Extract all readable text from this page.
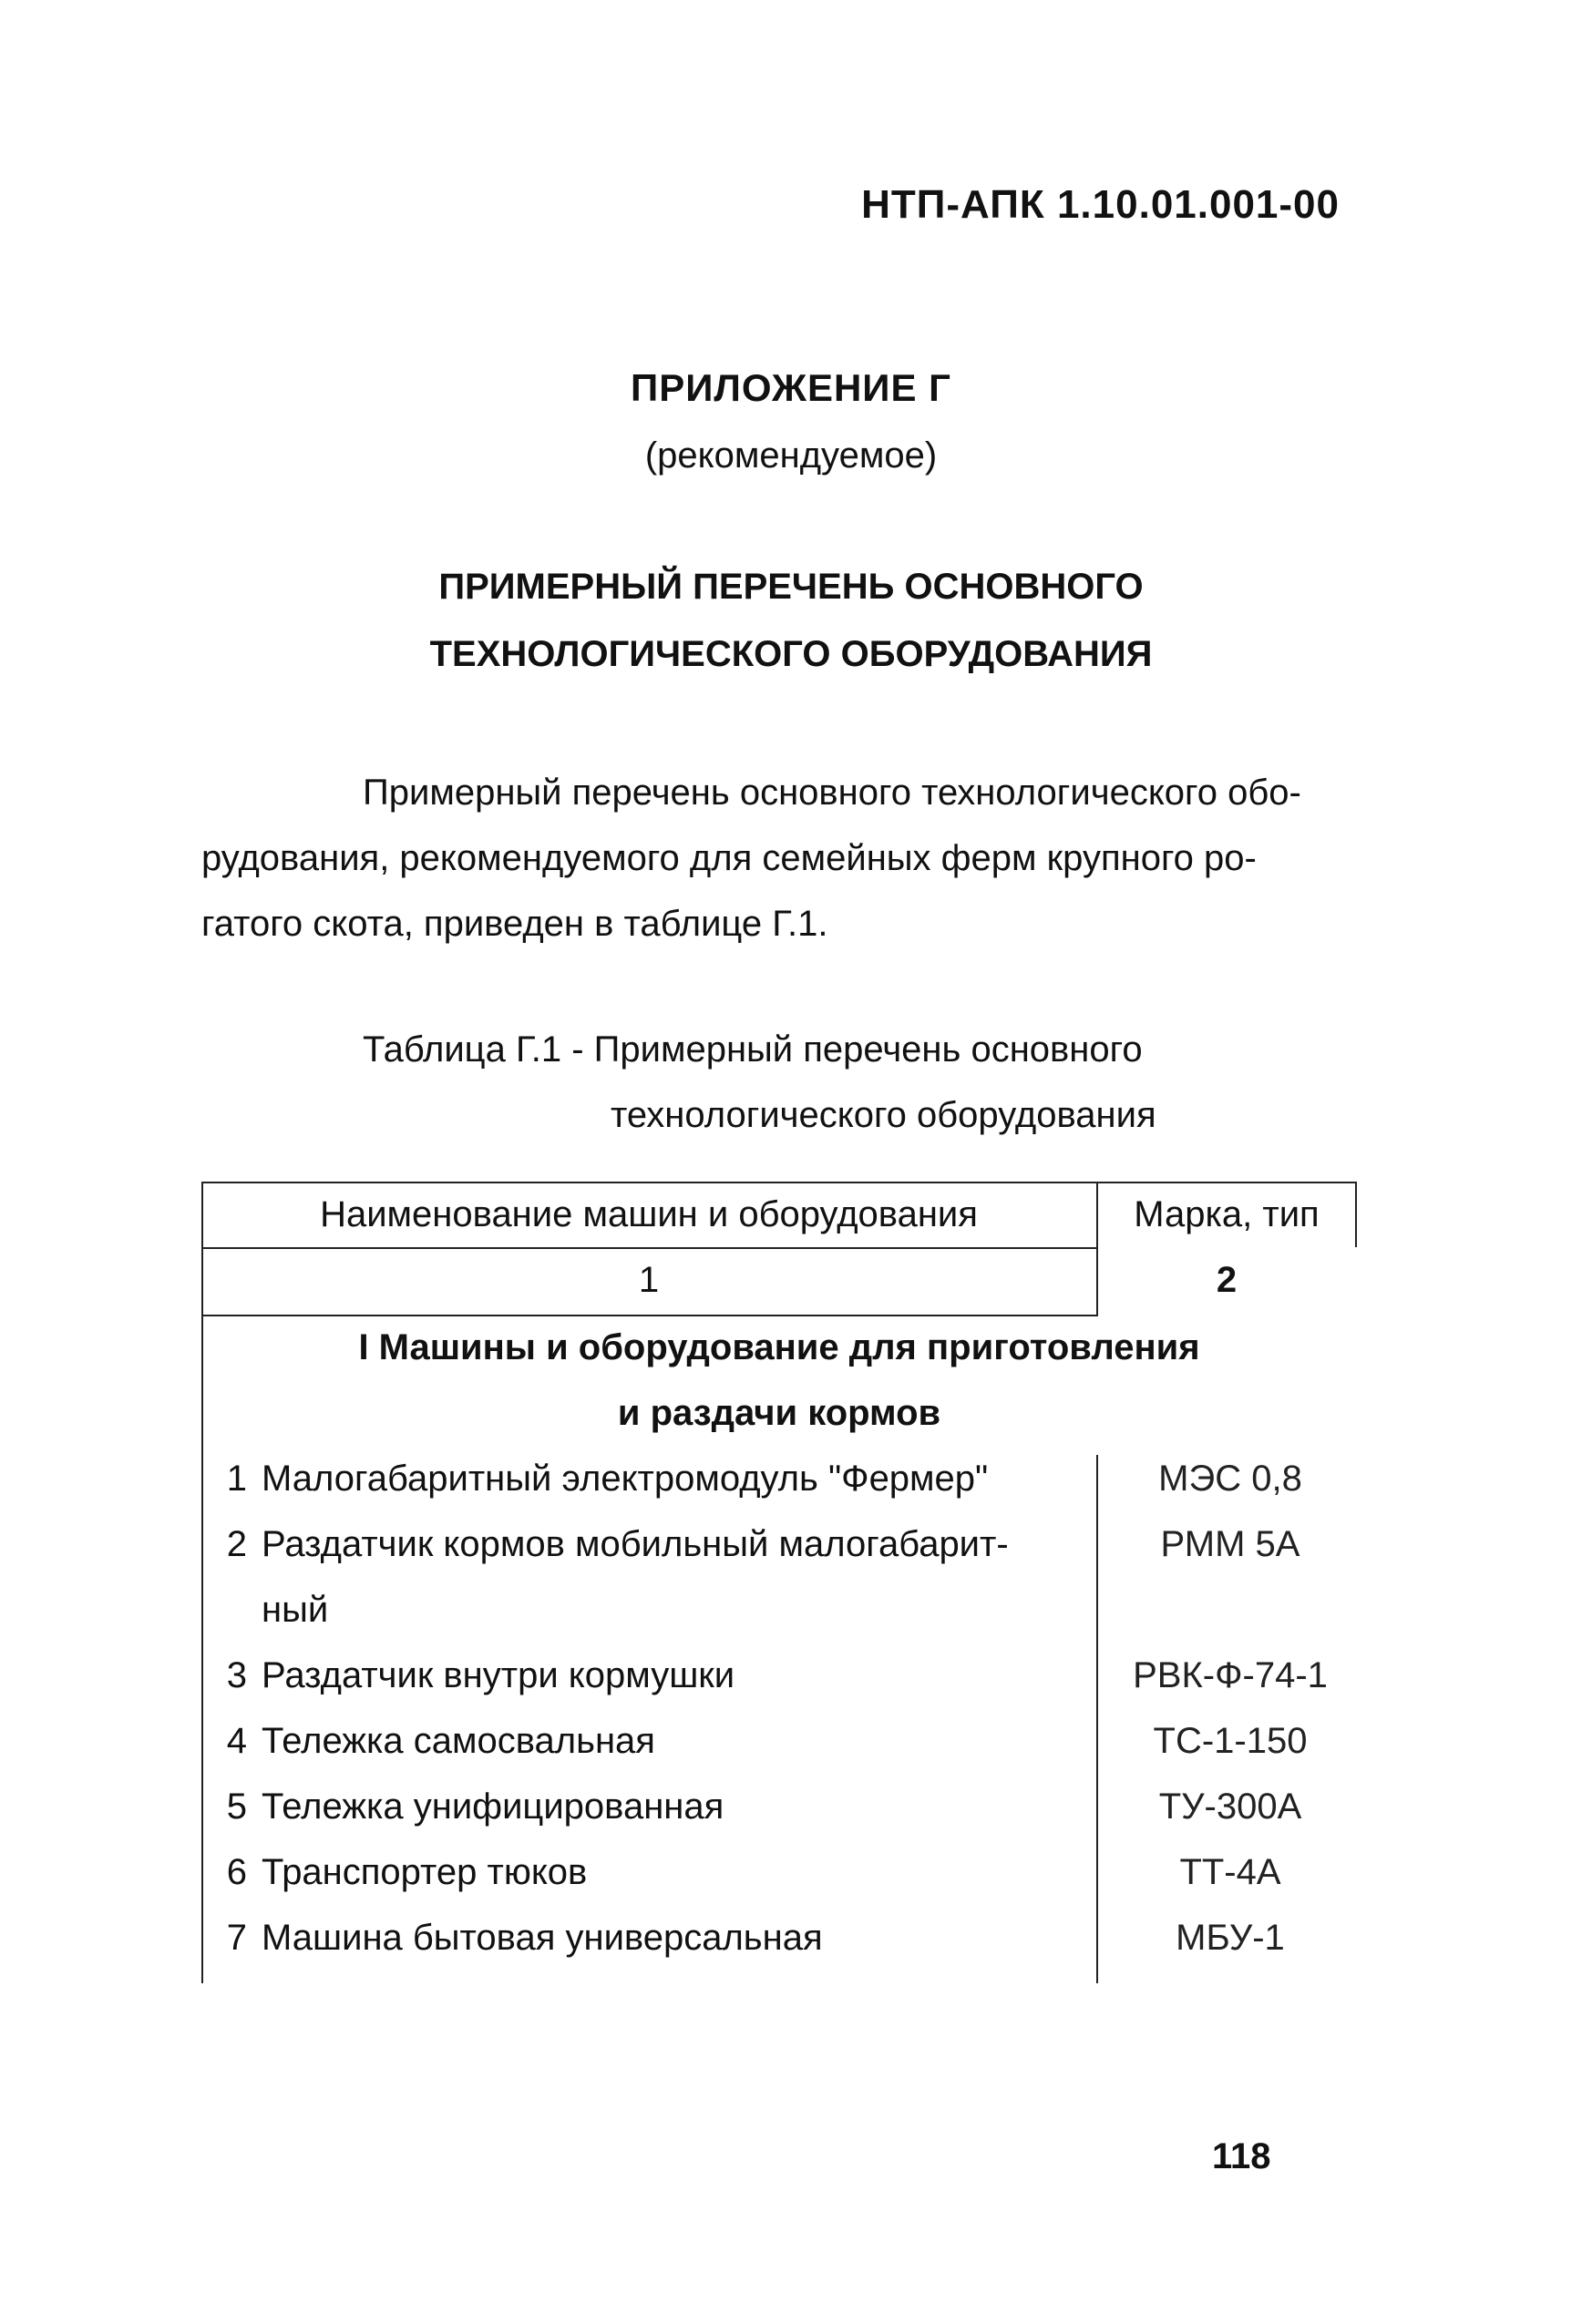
НТП-АПК 1.10.01.001-00
ПРИЛОЖЕНИЕ Г
(рекомендуемое)
ПРИМЕРНЫЙ ПЕРЕЧЕНЬ ОСНОВНОГО
ТЕХНОЛОГИЧЕСКОГО ОБОРУДОВАНИЯ
Примерный перечень основного технологического обо-
рудования, рекомендуемого для семейных ферм крупного ро-
гатого скота, приведен в таблице Г.1.
Таблица Г.1 - Примерный перечень основного
технологического оборудования
Наименование машин и оборудования	Марка, тип
1	2
I Машины и оборудование для приготовления
и раздачи кормов
1 Малогабаритный электромодуль "Фермер"	МЭС 0,8
2 Раздатчик кормов мобильный малогабарит-	РММ 5А
ный
3 Раздатчик внутри кормушки	РВК-Ф-74-1
4 Тележка самосвальная	ТС-1-150
5 Тележка унифицированная	ТУ-300А
6 Транспортер тюков	ТТ-4А
7 Машина бытовая универсальная	МБУ-1
118
